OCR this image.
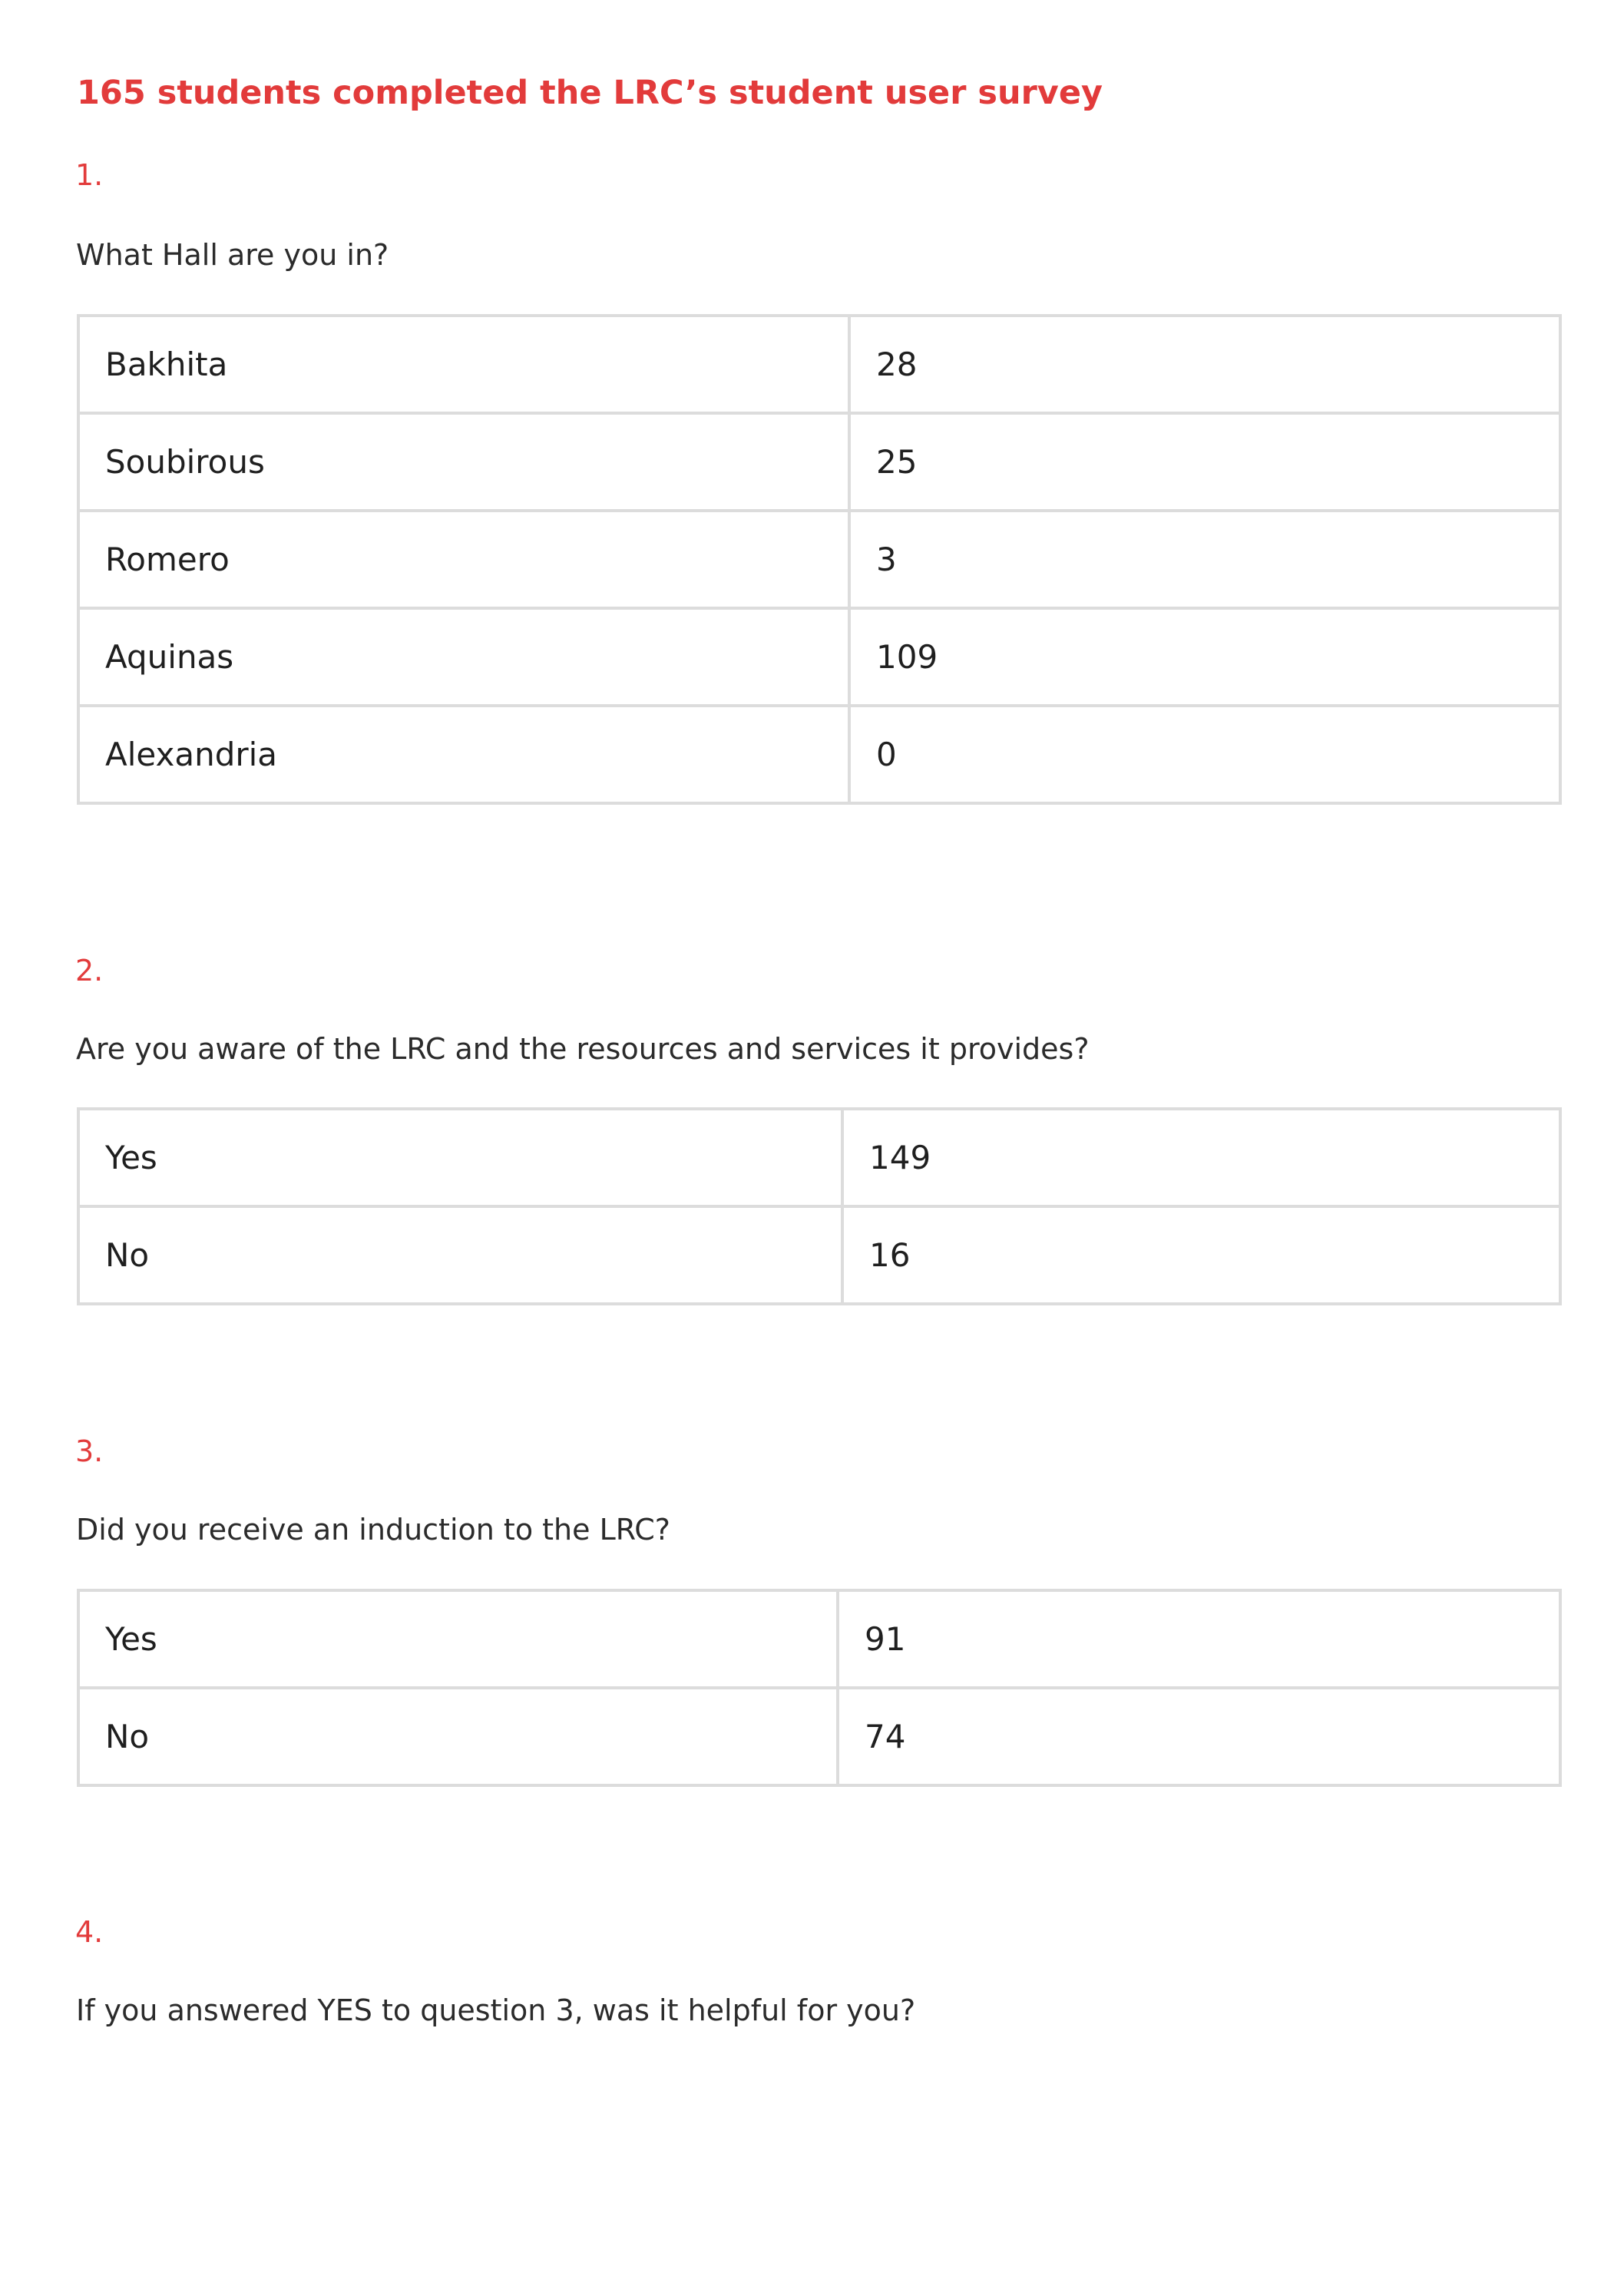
165 students completed the LRC’s student user survey
1.
What Hall are you in?
Bakhita	28
Soubirous	25
Romero	3
Aquinas	109
Alexandria	0
2.
Are you aware of the LRC and the resources and services it provides?
Yes	149
No	16
3.
Did you receive an induction to the LRC?
Yes	91
No	74
4.
If you answered YES to question 3, was it helpful for you?
